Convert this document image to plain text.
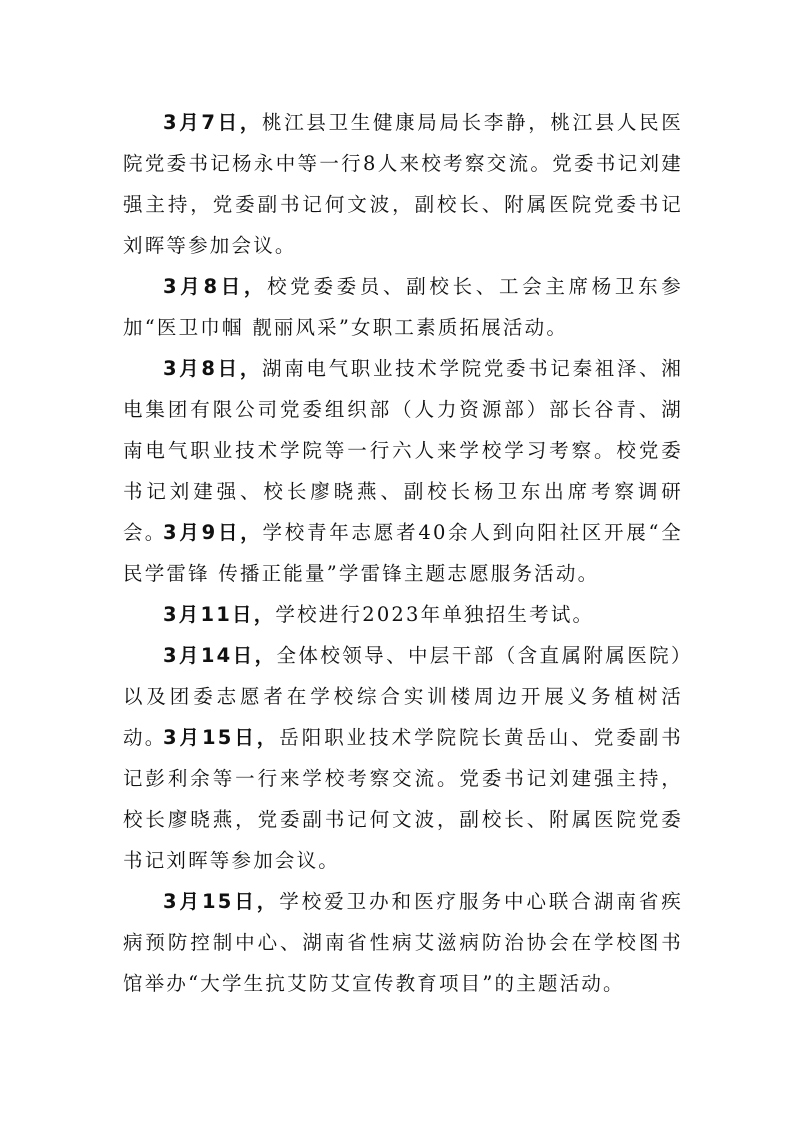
3月7日，桃江县卫生健康局局长李静，桃江县人民医院党委书记杨永中等一行8人来校考察交流。党委书记刘建强主持，党委副书记何文波，副校长、附属医院党委书记刘晖等参加会议。

3月8日，校党委委员、副校长、工会主席杨卫东参加“医卫巾帼 靓丽风采”女职工素质拓展活动。

3月8日，湖南电气职业技术学院党委书记秦祖泽、湘电集团有限公司党委组织部（人力资源部）部长谷青、湖南电气职业技术学院等一行六人来学校学习考察。校党委书记刘建强、校长廖晓燕、副校长杨卫东出席考察调研会。

3月9日，学校青年志愿者40余人到向阳社区开展“全民学雷锋 传播正能量”学雷锋主题志愿服务活动。

3月11日，学校进行2023年单独招生考试。

3月14日，全体校领导、中层干部（含直属附属医院）以及团委志愿者在学校综合实训楼周边开展义务植树活动。

3月15日，岳阳职业技术学院院长黄岳山、党委副书记彭利余等一行来学校考察交流。党委书记刘建强主持，校长廖晓燕，党委副书记何文波，副校长、附属医院党委书记刘晖等参加会议。

3月15日，学校爱卫办和医疗服务中心联合湖南省疾病预防控制中心、湖南省性病艾滋病防治协会在学校图书馆举办“大学生抗艾防艾宣传教育项目”的主题活动。
